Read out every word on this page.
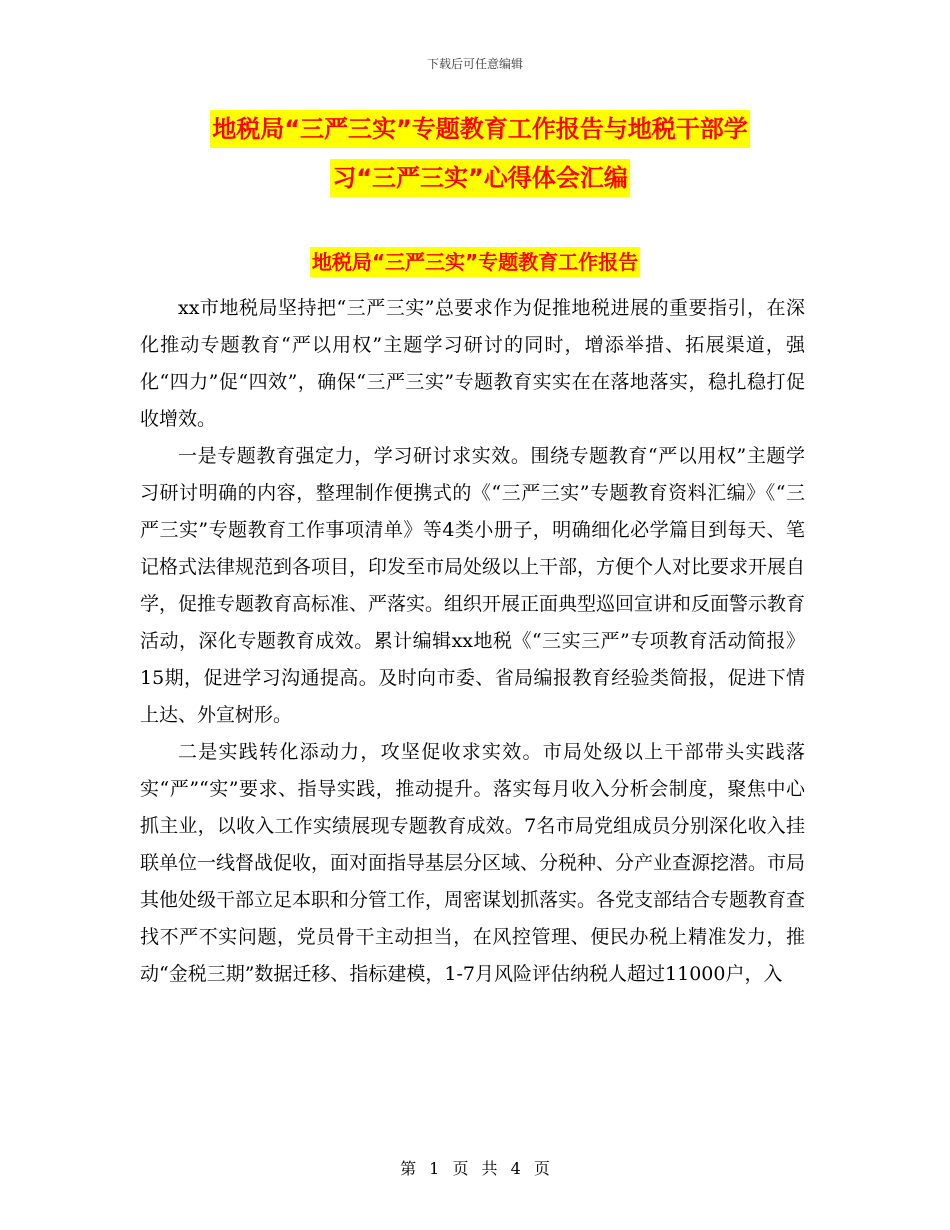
下载后可任意编辑
地税局“三严三实”专题教育工作报告与地税干部学
习“三严三实”心得体会汇编
地税局“三严三实”专题教育工作报告

xx市地税局坚持把“三严三实”总要求作为促推地税进展的重要指引，在深化推动专题教育“严以用权”主题学习研讨的同时，增添举措、拓展渠道，强化“四力”促“四效”，确保“三严三实”专题教育实实在在落地落实，稳扎稳打促收增效。

一是专题教育强定力，学习研讨求实效。围绕专题教育“严以用权”主题学习研讨明确的内容，整理制作便携式的《“三严三实”专题教育资料汇编》《“三严三实”专题教育工作事项清单》等4类小册子，明确细化必学篇目到每天、笔记格式法律规范到各项目，印发至市局处级以上干部，方便个人对比要求开展自学，促推专题教育高标准、严落实。组织开展正面典型巡回宣讲和反面警示教育活动，深化专题教育成效。累计编辑xx地税《“三实三严”专项教育活动简报》15期，促进学习沟通提高。及时向市委、省局编报教育经验类简报，促进下情上达、外宣树形。

二是实践转化添动力，攻坚促收求实效。市局处级以上干部带头实践落实“严”“实”要求、指导实践，推动提升。落实每月收入分析会制度，聚焦中心抓主业，以收入工作实绩展现专题教育成效。7名市局党组成员分别深化收入挂联单位一线督战促收，面对面指导基层分区域、分税种、分产业查源挖潜。市局其他处级干部立足本职和分管工作，周密谋划抓落实。各党支部结合专题教育查找不严不实问题，党员骨干主动担当，在风控管理、便民办税上精准发力，推动“金税三期”数据迁移、指标建模，1-7月风险评估纳税人超过11000户，入

第 1 页 共 4 页
